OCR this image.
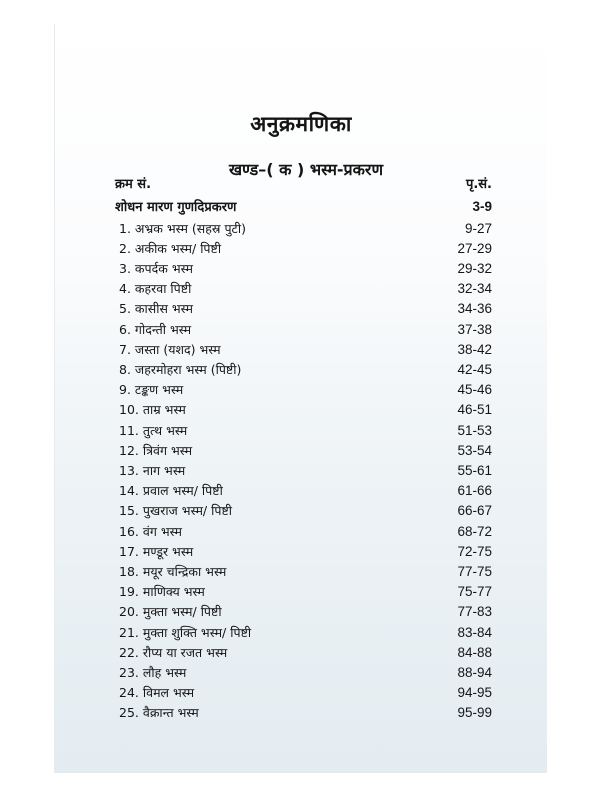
अनुक्रमणिका
खण्ड–( क ) भस्म-प्रकरण
क्रम सं.	पृ.सं.
शोधन मारण गुणदिप्रकरण	3-9
1. अभ्रक भस्म (सहस्र पुटी)	9-27
2. अकीक भस्म/ पिष्टी	27-29
3. कपर्दक भस्म	29-32
4. कहरवा पिष्टी	32-34
5. कासीस भस्म	34-36
6. गोदन्ती भस्म	37-38
7. जस्ता (यशद) भस्म	38-42
8. जहरमोहरा भस्म (पिष्टी)	42-45
9. टङ्कण भस्म	45-46
10. ताम्र भस्म	46-51
11. तुत्थ भस्म	51-53
12. त्रिवंग भस्म	53-54
13. नाग भस्म	55-61
14. प्रवाल भस्म/ पिष्टी	61-66
15. पुखराज भस्म/ पिष्टी	66-67
16. वंग भस्म	68-72
17. मण्डूर भस्म	72-75
18. मयूर चन्द्रिका भस्म	77-75
19. माणिक्य भस्म	75-77
20. मुक्ता भस्म/ पिष्टी	77-83
21. मुक्ता शुक्ति भस्म/ पिष्टी	83-84
22. रौप्य या रजत भस्म	84-88
23. लौह भस्म	88-94
24. विमल भस्म	94-95
25. वैक्रान्त भस्म	95-99
